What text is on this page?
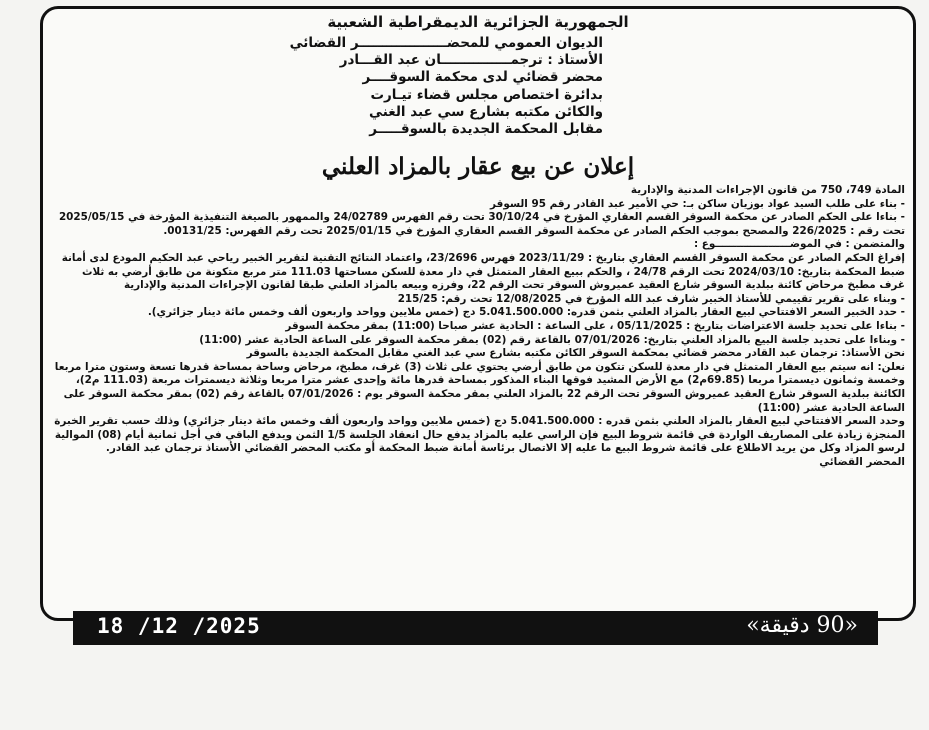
الجمهورية الجزائرية الديمقراطية الشعبية
الديوان العمومي للمحضـــــــــــــــــــر القضائي
الأستاذ : ترجمـــــــــــــــان عبد القـــادر
محضر قضائي لدى محكمة السوقــــر
بدائرة اختصاص مجلس قضاء تيـارت
والكائن مكتبه بشارع سي عبد الغني
مقابل المحكمة الجديدة بالسوقـــــر
إعلان عن بيع عقار بالمزاد العلني

المادة 749، 750 من قانون الإجراءات المدنية والإدارية

- بناء على طلب السيد عواد بوزيان ساكن بـ: حي الأمير عبد القادر رقم 95 السوقر

- بناءا على الحكم الصادر عن محكمة السوقر القسم العقاري المؤرخ في 30/10/24 تحت رقم الفهرس 24/02789 والممهور بالصيغة التنفيذية المؤرخة في 2025/05/15 تحت رقم : 226/2025 والمصحح بموجب الحكم الصادر عن محكمة السوقر القسم العقاري المؤرخ في 2025/01/15 تحت رقم الفهرس: 00131/25.

والمتضمن : في الموضـــــــــــــــــــــوع :

إفراغ الحكم الصادر عن محكمة السوقر القسم العقاري بتاريخ : 2023/11/29 فهرس 23/2696، واعتماد النتائج التقنية لتقرير الخبير رياحي عبد الحكيم المودع لدى أمانة ضبط المحكمة بتاريخ: 2024/03/10 تحت الرقم 24/78 ، والحكم ببيع العقار المتمثل في دار معدة للسكن مساحتها 111.03 متر مربع متكونة من طابق أرضي به ثلاث غرف مطبخ مرحاض كائنة ببلدية السوقر شارع العقيد عميروش السوقر تحت الرقم 22، وفرزه وبيعه بالمزاد العلني طبقا لقانون الإجراءات المدنية والإدارية

- وبناء على تقرير تقييمي للأستاذ الخبير شارف عبد الله المؤرخ في 12/08/2025 تحت رقم: 215/25

- حدد الخبير السعر الافتتاحي لبيع العقار بالمزاد العلني بثمن قدره: 5.041.500.000 دج (خمس ملايين وواحد واربعون ألف وخمس مائة دينار جزائري).

- بناءا على تحديد جلسة الاعتراضات بتاريخ : 05/11/2025 ، على الساعة : الحادية عشر صباحا (11:00) بمقر محكمة السوقر

- وبناءا على تحديد جلسة البيع بالمزاد العلني بتاريخ: 07/01/2026 بالقاعة رقم (02) بمقر محكمة السوقر على الساعة الحادية عشر (11:00)

نحن الأستاذ: ترجمان عبد القادر محضر قضائي بمحكمة السوقر الكائن مكتبه بشارع سي عبد الغني مقابل المحكمة الجديدة بالسوقر

نعلن: انه سيتم بيع العقار المتمثل في دار معدة للسكن تتكون من طابق أرضي يحتوي على ثلاث (3) غرف، مطبخ، مرحاض وساحة بمساحة قدرها تسعة وستون مترا مربعا وخمسة وثمانون ديسمترا مربعا (69.85م2) مع الأرض المشيد فوقها البناء المذكور بمساحة قدرها مائة وإحدى عشر مترا مربعا وثلاثة ديسمترات مربعة (111.03 م2)، الكائنة ببلدية السوقر شارع العقيد عميروش السوقر تحت الرقم 22 بالمزاد العلني بمقر محكمة السوقر يوم : 07/01/2026 بالقاعة رقم (02) بمقر محكمة السوقر على الساعة الحادية عشر (11:00)

وحدد السعر الافتتاحي لبيع العقار بالمزاد العلني بثمن قدره : 5.041.500.000 دج (خمس ملايين وواحد واربعون ألف وخمس مائة دينار جزائري) وذلك حسب تقرير الخبرة المنجزة زيادة على المصاريف الواردة في قائمة شروط البيع فإن الراسي عليه بالمزاد يدفع حال انعقاد الجلسة 1/5 الثمن ويدفع الباقي في أجل ثمانية أيام (08) الموالية لرسو المزاد وكل من يريد الاطلاع على قائمة شروط البيع ما عليه إلا الاتصال برئاسة أمانة ضبط المحكمة أو مكتب المحضر القضائي الأستاذ ترجمان عبد القادر.

المحضر القضائي

18 /12 /2025	«90 دقيقة»
